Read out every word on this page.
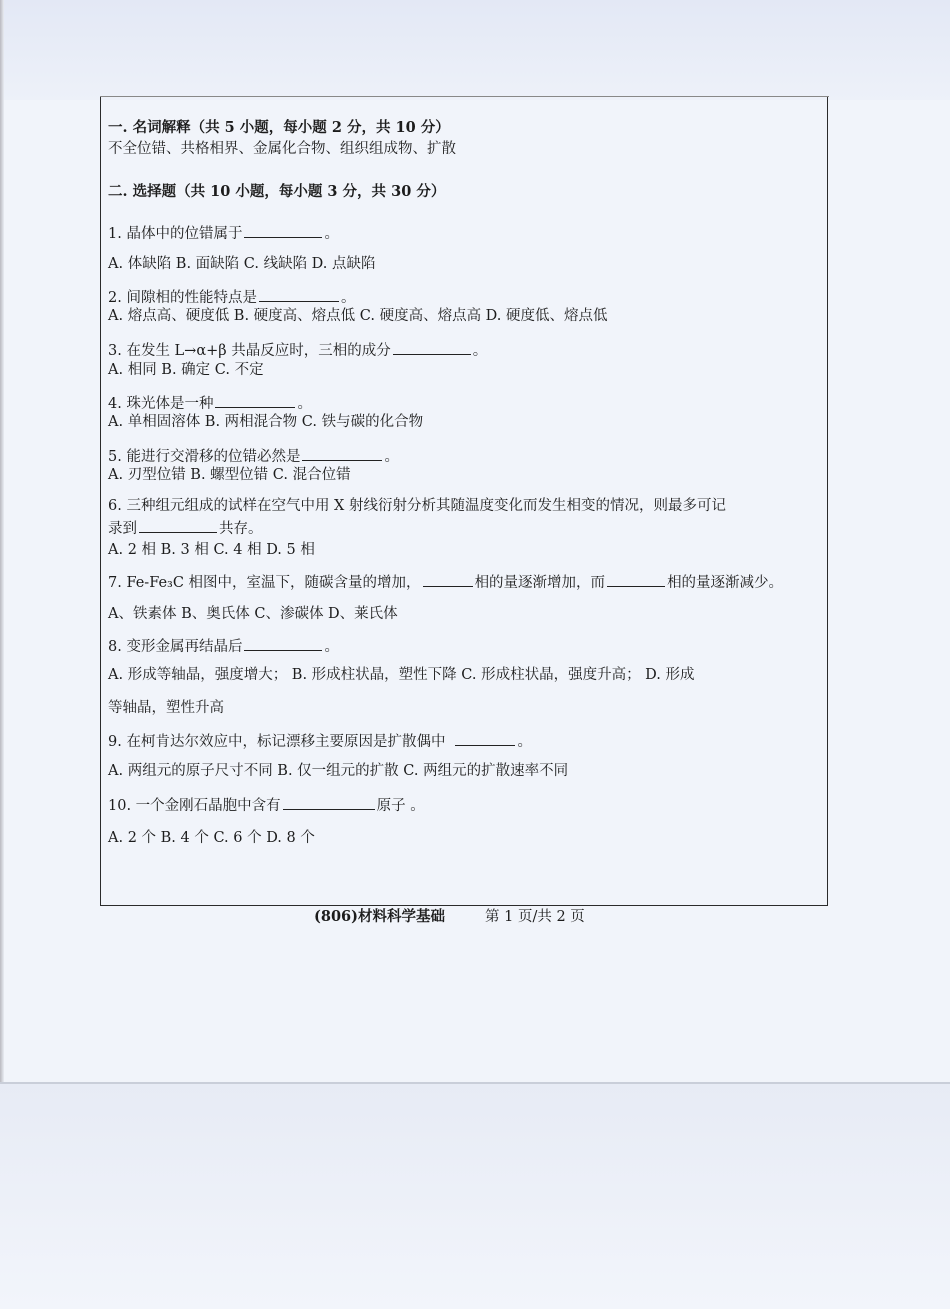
一. 名词解释（共 5 小题，每小题 2 分，共 10 分）
不全位错、共格相界、金属化合物、组织组成物、扩散
二. 选择题（共 10 小题，每小题 3 分，共 30 分）
1. 晶体中的位错属于	。
A. 体缺陷 B. 面缺陷 C. 线缺陷 D. 点缺陷
2. 间隙相的性能特点是	。
A. 熔点高、硬度低 B. 硬度高、熔点低 C. 硬度高、熔点高 D. 硬度低、熔点低
3. 在发生 L→α+β 共晶反应时，三相的成分	。
A. 相同 B. 确定 C. 不定
4. 珠光体是一种	。
A. 单相固溶体 B. 两相混合物 C. 铁与碳的化合物
5. 能进行交滑移的位错必然是	。
A. 刃型位错 B. 螺型位错 C. 混合位错
6. 三种组元组成的试样在空气中用 X 射线衍射分析其随温度变化而发生相变的情况，则最多可记
录到	共存。
A. 2 相 B. 3 相 C. 4 相 D. 5 相
7. Fe-Fe₃C 相图中，室温下，随碳含量的增加，	相的量逐渐增加，而	相的量逐渐减少。
A、铁素体 B、奥氏体 C、渗碳体 D、莱氏体
8. 变形金属再结晶后	。
A. 形成等轴晶，强度增大； B. 形成柱状晶，塑性下降 C. 形成柱状晶，强度升高； D. 形成
等轴晶，塑性升高
9. 在柯肯达尔效应中，标记漂移主要原因是扩散偶中	。
A. 两组元的原子尺寸不同 B. 仅一组元的扩散 C. 两组元的扩散速率不同
10. 一个金刚石晶胞中含有	原子 。
A. 2 个 B. 4 个 C. 6 个 D. 8 个
(806)材料科学基础	第 1 页/共 2 页
